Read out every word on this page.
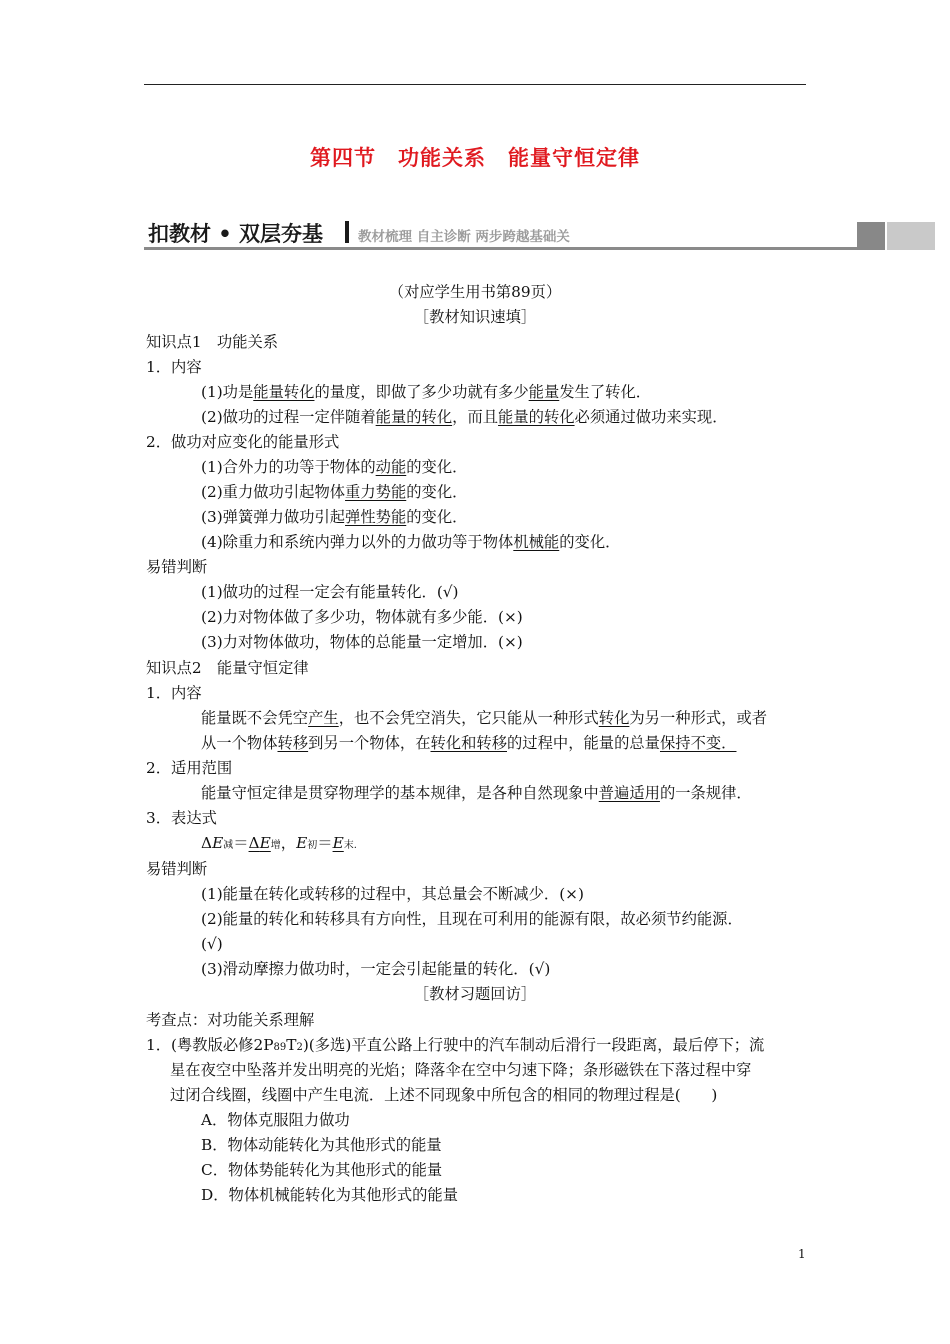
第四节　功能关系　能量守恒定律
扣教材 • 双层夯基	教材梳理 自主诊断 两步跨越基础关
（对应学生用书第89页）
［教材知识速填］
知识点1　功能关系
1．内容
(1)功是能量转化的量度，即做了多少功就有多少能量发生了转化．
(2)做功的过程一定伴随着能量的转化，而且能量的转化必须通过做功来实现．
2．做功对应变化的能量形式
(1)合外力的功等于物体的动能的变化．
(2)重力做功引起物体重力势能的变化．
(3)弹簧弹力做功引起弹性势能的变化．
(4)除重力和系统内弹力以外的力做功等于物体机械能的变化．
易错判断
(1)做功的过程一定会有能量转化．(√)
(2)力对物体做了多少功，物体就有多少能．(×)
(3)力对物体做功，物体的总能量一定增加．(×)
知识点2　能量守恒定律
1．内容
能量既不会凭空产生，也不会凭空消失，它只能从一种形式转化为另一种形式，或者
从一个物体转移到另一个物体，在转化和转移的过程中，能量的总量保持不变．
2．适用范围
能量守恒定律是贯穿物理学的基本规律，是各种自然现象中普遍适用的一条规律．
3．表达式
ΔE减＝ΔE增，E初＝E末.
易错判断
(1)能量在转化或转移的过程中，其总量会不断减少．(×)
(2)能量的转化和转移具有方向性，且现在可利用的能源有限，故必须节约能源．
(√)
(3)滑动摩擦力做功时，一定会引起能量的转化．(√)
［教材习题回访］
考查点：对功能关系理解
1．(粤教版必修2P89T2)(多选)平直公路上行驶中的汽车制动后滑行一段距离，最后停下；流
星在夜空中坠落并发出明亮的光焰；降落伞在空中匀速下降；条形磁铁在下落过程中穿
过闭合线圈，线圈中产生电流．上述不同现象中所包含的相同的物理过程是(　　)
A．物体克服阻力做功
B．物体动能转化为其他形式的能量
C．物体势能转化为其他形式的能量
D．物体机械能转化为其他形式的能量
1
